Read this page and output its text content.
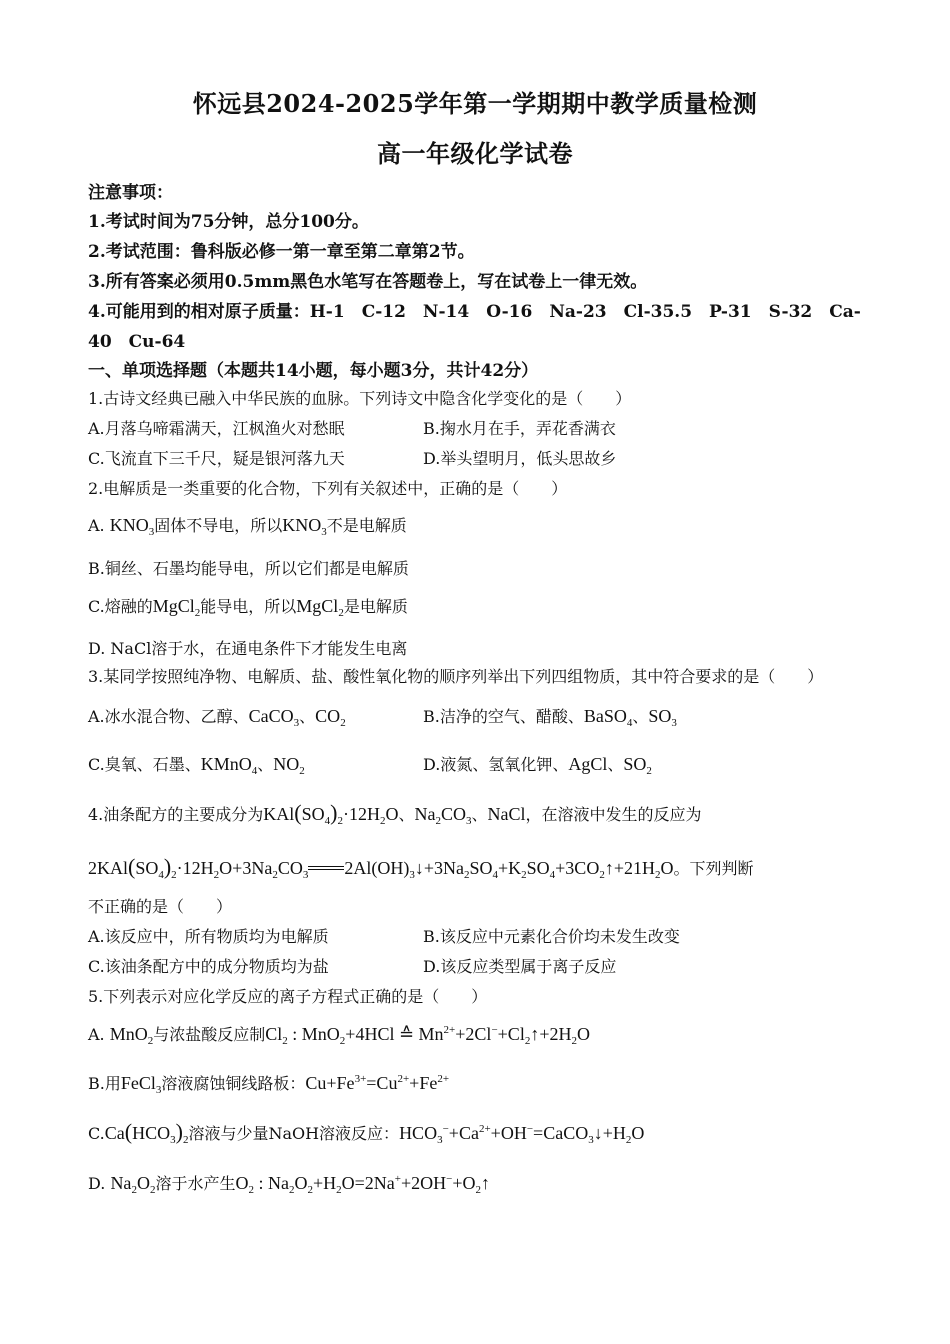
怀远县2024-2025学年第一学期期中教学质量检测
高一年级化学试卷
注意事项：
1.考试时间为75分钟，总分100分。
2.考试范围：鲁科版必修一第一章至第二章第2节。
3.所有答案必须用0.5mm黑色水笔写在答题卷上，写在试卷上一律无效。
4.可能用到的相对原子质量：H-1　C-12　N-14　O-16　Na-23　Cl-35.5　P-31　S-32　Ca-
40　Cu-64
一、单项选择题（本题共14小题，每小题3分，共计42分）
1.古诗文经典已融入中华民族的血脉。下列诗文中隐含化学变化的是（　　）
A.月落乌啼霜满天，江枫渔火对愁眠	B.掬水月在手，弄花香满衣
C.飞流直下三千尺，疑是银河落九天	D.举头望明月，低头思故乡
2.电解质是一类重要的化合物，下列有关叙述中，正确的是（　　）
A. $KNO_3$固体不导电，所以$KNO_3$不是电解质
B.铜丝、石墨均能导电，所以它们都是电解质
C.熔融的MgCl$_2$能导电，所以MgCl$_2$是电解质
D. NaCl溶于水，在通电条件下才能发生电离
3.某同学按照纯净物、电解质、盐、酸性氧化物的顺序列举出下列四组物质，其中符合要求的是（　　）
A.冰水混合物、乙醇、CaCO$_3$、$CO_2$	B.洁净的空气、醋酸、BaSO$_4$、$SO_3$
C.臭氧、石墨、KMnO$_4$、$NO_2$	D.液氮、氢氧化钾、AgCl、$SO_2$
4.油条配方的主要成分为$KAl(SO_4)_2\cdot 12H_2O$、$Na_2CO_3$、NaCl，在溶液中发生的反应为
$2KAl(SO_4)_2\cdot 12H_2O+3Na_2CO_3$ $2Al(OH)_3↓+3Na_2SO_4+K_2SO_4+3CO_2↑+21H_2O$。下列判断
不正确的是（　　）
A.该反应中，所有物质均为电解质	B.该反应中元素化合价均未发生改变
C.该油条配方中的成分物质均为盐	D.该反应类型属于离子反应
5.下列表示对应化学反应的离子方程式正确的是（　　）
A. MnO$_2$与浓盐酸反应制$Cl_2$ : MnO$_2$+4HCl ≙ $Mn^{2+}+2Cl^-+Cl_2↑+2H_2O$
B.用FeCl$_3$溶液腐蚀铜线路板：$Cu+Fe^{3+}=Cu^{2+}+Fe^{2+}$
$C.Ca(HCO_3)_2$溶液与少量NaOH溶液反应：$HCO_3^-+Ca^{2+}+OH^-=CaCO_3↓+H_2O$
D. $Na_2O_2$溶于水产生$O_2$ : $Na_2O_2+H_2O=2Na^++2OH^-+O_2↑$
